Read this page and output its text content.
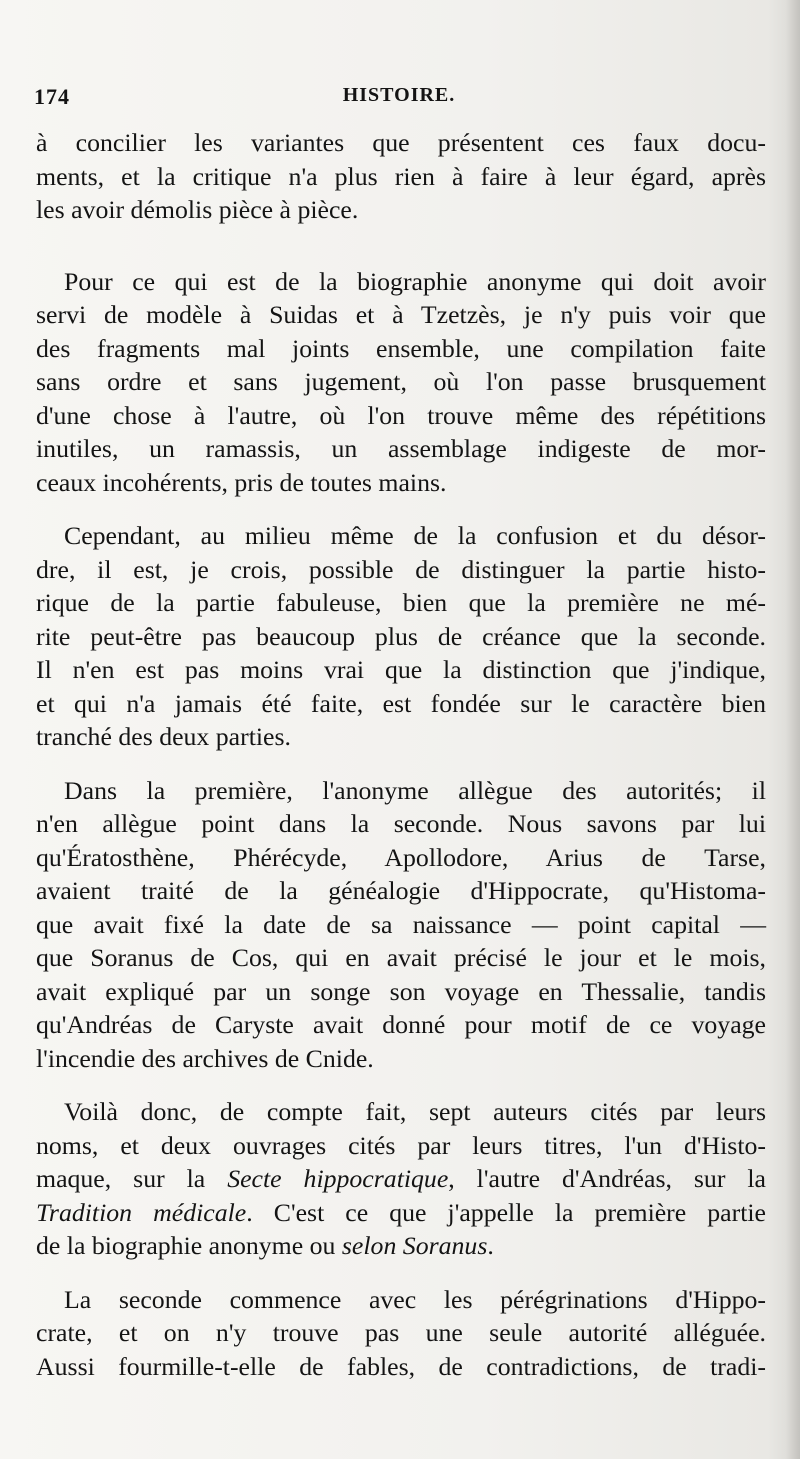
174	HISTOIRE.
à concilier les variantes que présentent ces faux docu-
ments, et la critique n'a plus rien à faire à leur égard, après
les avoir démolis pièce à pièce.
Pour ce qui est de la biographie anonyme qui doit avoir
servi de modèle à Suidas et à Tzetzès, je n'y puis voir que
des fragments mal joints ensemble, une compilation faite
sans ordre et sans jugement, où l'on passe brusquement
d'une chose à l'autre, où l'on trouve même des répétitions
inutiles, un ramassis, un assemblage indigeste de mor-
ceaux incohérents, pris de toutes mains.
Cependant, au milieu même de la confusion et du désor-
dre, il est, je crois, possible de distinguer la partie histo-
rique de la partie fabuleuse, bien que la première ne mé-
rite peut-être pas beaucoup plus de créance que la seconde.
Il n'en est pas moins vrai que la distinction que j'indique,
et qui n'a jamais été faite, est fondée sur le caractère bien
tranché des deux parties.
Dans la première, l'anonyme allègue des autorités; il
n'en allègue point dans la seconde. Nous savons par lui
qu'Ératosthène, Phérécyde, Apollodore, Arius de Tarse,
avaient traité de la généalogie d'Hippocrate, qu'Histoma-
que avait fixé la date de sa naissance — point capital —
que Soranus de Cos, qui en avait précisé le jour et le mois,
avait expliqué par un songe son voyage en Thessalie, tandis
qu'Andréas de Caryste avait donné pour motif de ce voyage
l'incendie des archives de Cnide.
Voilà donc, de compte fait, sept auteurs cités par leurs
noms, et deux ouvrages cités par leurs titres, l'un d'Histo-
maque, sur la Secte hippocratique, l'autre d'Andréas, sur la
Tradition médicale. C'est ce que j'appelle la première partie
de la biographie anonyme ou selon Soranus.
La seconde commence avec les pérégrinations d'Hippo-
crate, et on n'y trouve pas une seule autorité alléguée.
Aussi fourmille-t-elle de fables, de contradictions, de tradi-
